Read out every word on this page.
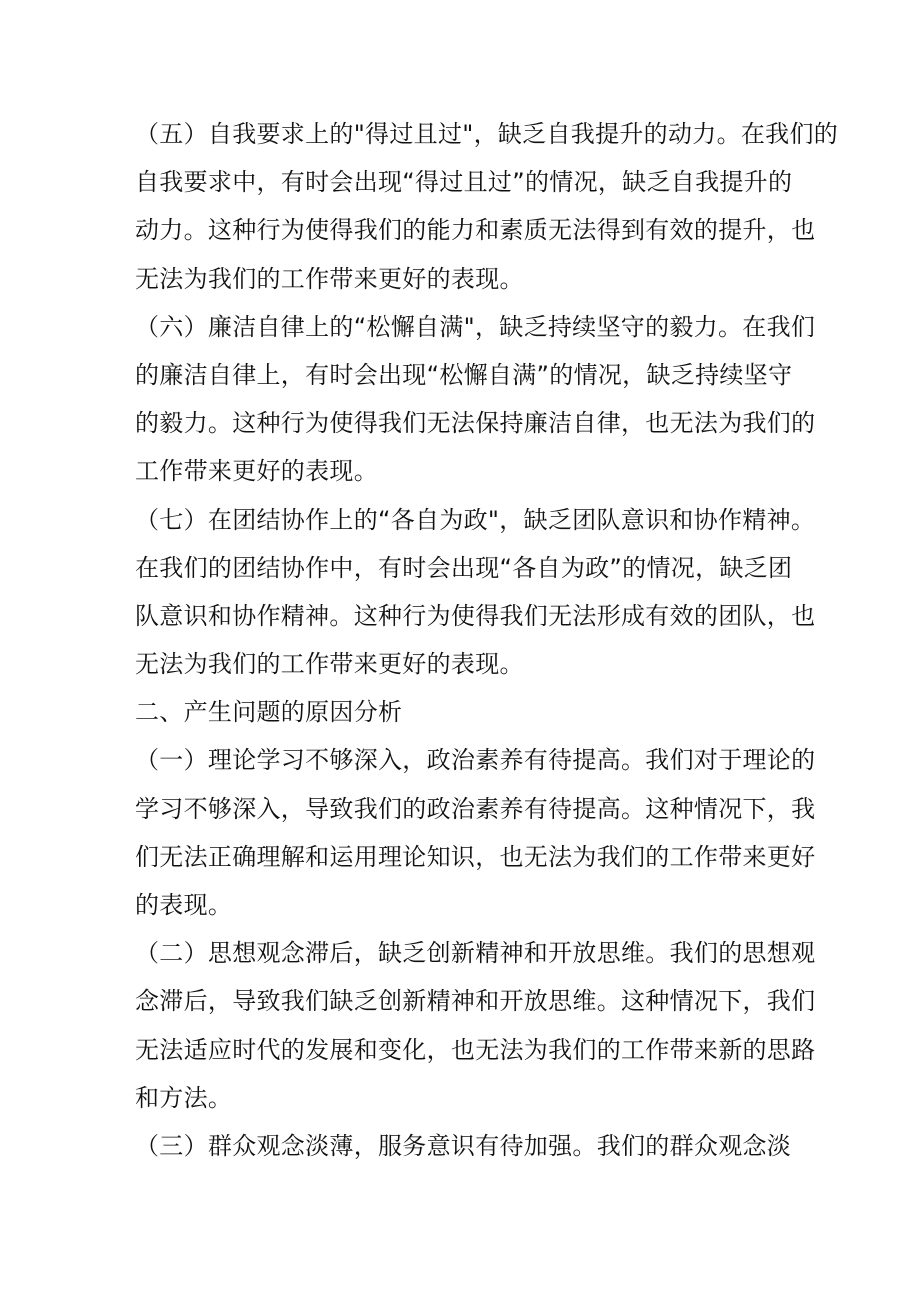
（五）自我要求上的"得过且过"，缺乏自我提升的动力。在我们的
自我要求中，有时会出现“得过且过”的情况，缺乏自我提升的
动力。这种行为使得我们的能力和素质无法得到有效的提升，也
无法为我们的工作带来更好的表现。
（六）廉洁自律上的“松懈自满"，缺乏持续坚守的毅力。在我们
的廉洁自律上，有时会出现“松懈自满”的情况，缺乏持续坚守
的毅力。这种行为使得我们无法保持廉洁自律，也无法为我们的
工作带来更好的表现。
（七）在团结协作上的“各自为政"，缺乏团队意识和协作精神。
在我们的团结协作中，有时会出现“各自为政”的情况，缺乏团
队意识和协作精神。这种行为使得我们无法形成有效的团队，也
无法为我们的工作带来更好的表现。
二、产生问题的原因分析
（一）理论学习不够深入，政治素养有待提高。我们对于理论的
学习不够深入，导致我们的政治素养有待提高。这种情况下，我
们无法正确理解和运用理论知识，也无法为我们的工作带来更好
的表现。
（二）思想观念滞后，缺乏创新精神和开放思维。我们的思想观
念滞后，导致我们缺乏创新精神和开放思维。这种情况下，我们
无法适应时代的发展和变化，也无法为我们的工作带来新的思路
和方法。
（三）群众观念淡薄，服务意识有待加强。我们的群众观念淡
